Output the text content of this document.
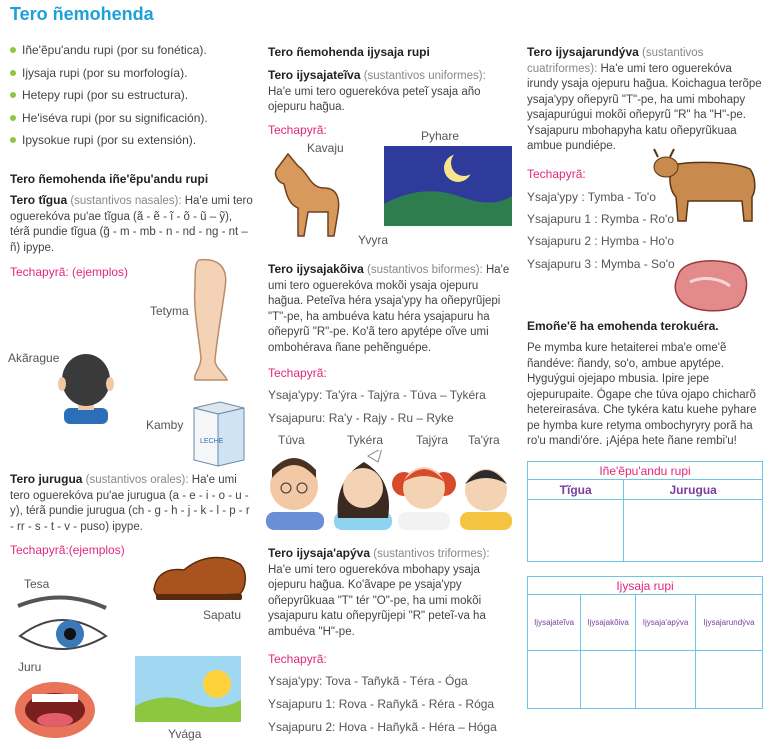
Tero ñemohenda
Iñe'ẽpu'andu rupi (por su fonética).
Ijysaja rupi (por su morfología).
Hetepy rupi (por su estructura).
He'iséva rupi (por su significación).
Ipysokue rupi (por su extensión).
Tero ñemohenda iñe'ẽpu'andu rupi

Tero tĩgua (sustantivos nasales): Ha'e umi tero oguerekóva pu'ae tĩgua (ã - ẽ - ĩ - õ - ũ – ỹ), térã pundie tĩgua (g̃ - m - mb - n - nd - ng - nt – ñ) ipype.

Techapyrã: (ejemplos)
Tetyma
Akãrague
Kamby
LECHE

Tero jurugua (sustantivos orales): Ha'e umi tero oguerekóva pu'ae jurugua (a - e - i - o - u - y), térã pundie jurugua (ch - g - h - j - k - l - p - r - rr - s - t - v - puso) ipype.

Techapyrã:(ejemplos)
Tesa
Sapatu
Juru
Yvága
Tero ñemohenda ijysaja rupi

Tero ijysajateĩva (sustantivos uniformes): Ha'e umi tero oguerekóva peteĩ ysaja año ojepuru hag̃ua.

Techapyrã:
Kavaju
Pyhare
Yvyra

Tero ijysajakõiva (sustantivos biformes): Ha'e umi tero oguerekóva mokõi ysaja ojepuru hag̃ua. Peteĩva héra ysaja'ypy ha oñepyrũjepi "T"-pe, ha ambuéva katu héra ysajapuru ha oñepyrũ "R"-pe. Ko'ã tero apytépe oĩve umi ombohérava ñane pehẽnguépe.

Techapyrã:
Ysaja'ypy: Ta'ýra - Tajýra - Túva – Tykéra
Ysajapuru: Ra'y - Rajy - Ru – Ryke
Túva	Tykéra	Tajýra Ta'ýra

Tero ijysaja'apýva (sustantivos triformes): Ha'e umi tero oguerekóva mbohapy ysaja ojepuru hag̃ua. Ko'ãvape pe ysaja'ypy oñepyrũkuaa "T" tér "O"-pe, ha umi mokõi ysajapuru katu oñepyrũjepi "R" peteĩ-va ha ambuéva "H"-pe.

Techapyrã:
Ysaja'ypy: Tova - Tañykã - Téra - Óga
Ysajapuru 1: Rova - Rañykã - Réra - Róga
Ysajapuru 2: Hova - Hañykã - Héra – Hóga

Tero ijysajarundýva (sustantivos cuatriformes): Ha'e umi tero oguerekóva irundy ysaja ojepuru hag̃ua. Koichagua terõpe ysaja'ypy oñepyrũ "T"-pe, ha umi mbohapy ysajapurúgui mokõi oñepyrũ "R" ha "H"-pe. Ysajapuru mbohapyha katu oñepyrũkuaa ambue pundiépe.

Techapyrã:
Ysaja'ypy : Tymba - To'o
Ysajapuru 1 : Rymba - Ro'o
Ysajapuru 2 : Hymba - Ho'o
Ysajapuru 3 : Mymba - So'o
Emoñe'ẽ ha emohenda terokuéra.

Pe mymba kure hetaiterei mba'e ome'ẽ ñandéve: ñandy, so'o, ambue apytépe. Hyguýgui ojejapo mbusia. Ipire jepe ojepurupaite. Ógape che túva ojapo chicharõ hetereirasáva. Che tykéra katu kuehe pyhare pe hymba kure retyma ombochyryry porã ha ro'u mandi'óre. ¡Ajépa hete ñane rembi'u!

Iñe'ẽpu'andu rupi	
Tĩgua	Jurugua

Ijysaja rupi			
Ijysajateĩva	Ijysajakõiva	Ijysaja'apýva	Ijysajarundýva
